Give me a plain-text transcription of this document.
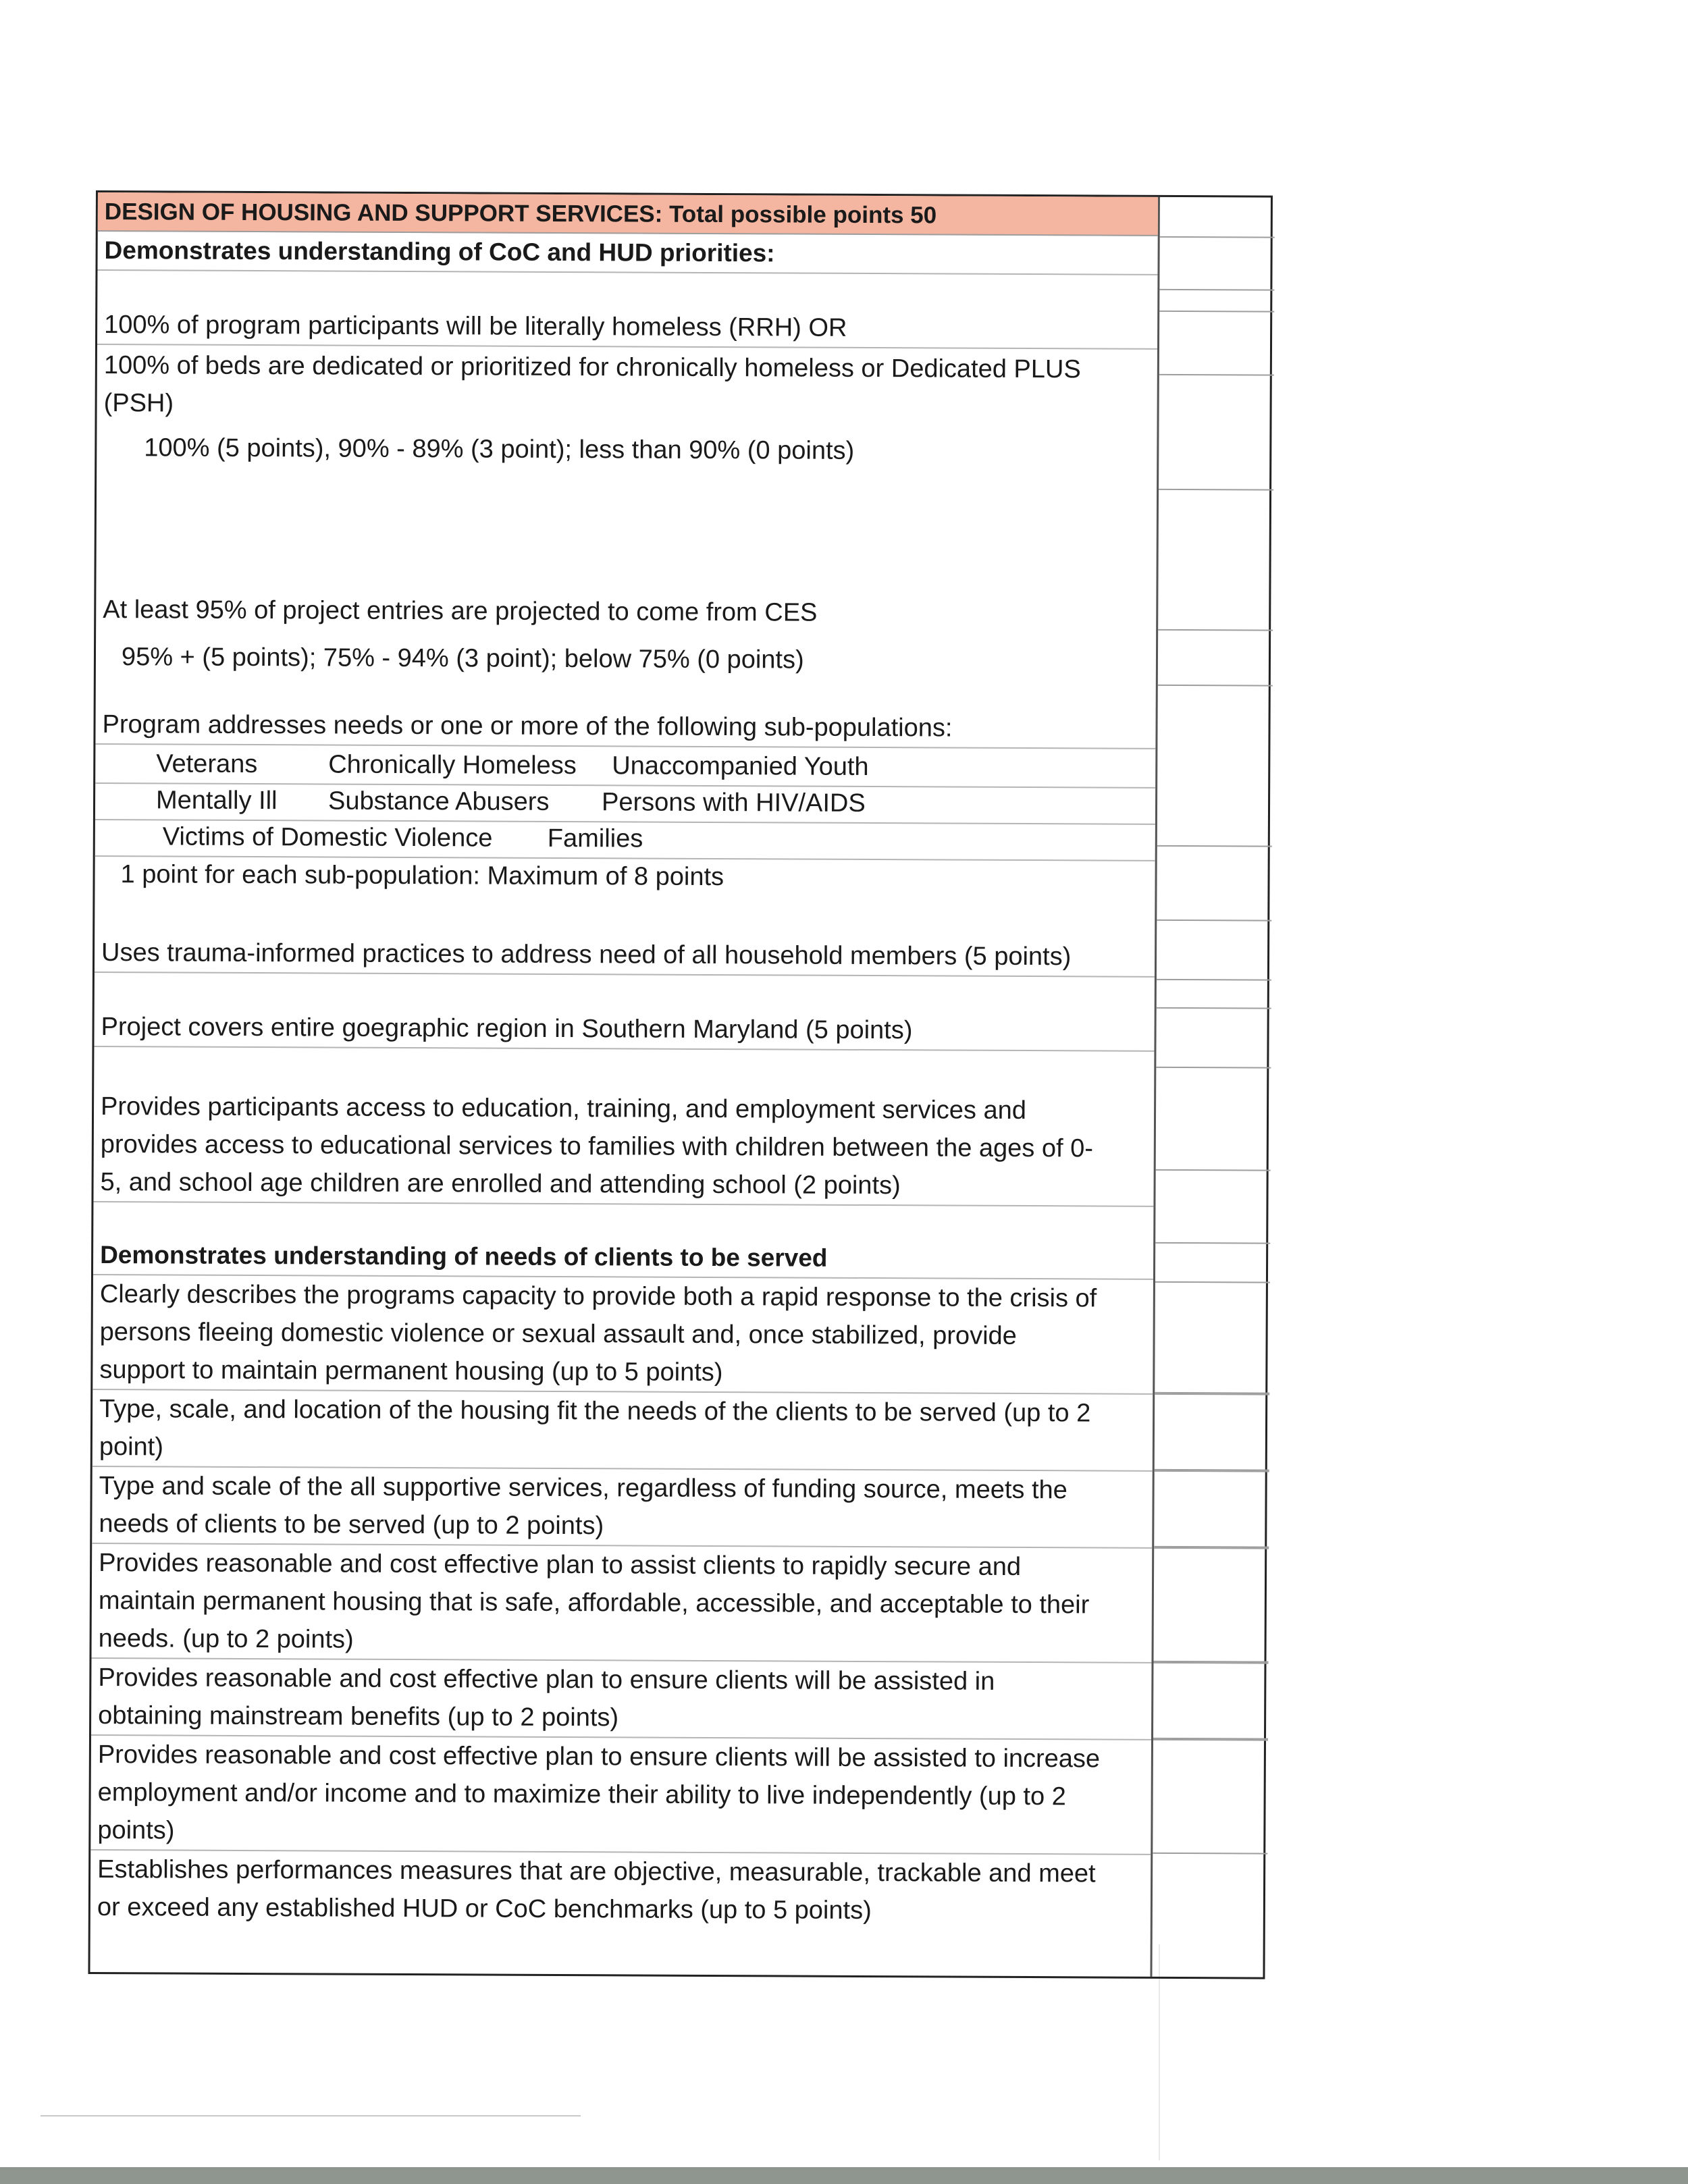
DESIGN OF HOUSING AND SUPPORT SERVICES: Total possible points 50
Demonstrates understanding of CoC and HUD priorities:
100% of program participants will be literally homeless (RRH) OR
100% of beds are dedicated or prioritized for chronically homeless or Dedicated PLUS
(PSH)
100% (5 points), 90% - 89% (3 point); less than 90% (0 points)
At least 95% of project entries are projected to come from CES
95% + (5 points); 75% - 94% (3 point); below 75% (0 points)
Program addresses needs or one or more of the following sub-populations:
Veterans	Chronically Homeless Unaccompanied Youth
Mentally Ill Substance Abusers Persons with HIV/AIDS
Victims of Domestic Violence Families
1 point for each sub-population: Maximum of 8 points
Uses trauma-informed practices to address need of all household members (5 points)
Project covers entire goegraphic region in Southern Maryland (5 points)
Provides participants access to education, training, and employment services and
provides access to educational services to families with children between the ages of 0-
5, and school age children are enrolled and attending school (2 points)
Demonstrates understanding of needs of clients to be served
Clearly describes the programs capacity to provide both a rapid response to the crisis of
persons fleeing domestic violence or sexual assault and, once stabilized, provide
support to maintain permanent housing (up to 5 points)
Type, scale, and location of the housing fit the needs of the clients to be served (up to 2
point)
Type and scale of the all supportive services, regardless of funding source, meets the
needs of clients to be served (up to 2 points)
Provides reasonable and cost effective plan to assist clients to rapidly secure and
maintain permanent housing that is safe, affordable, accessible, and acceptable to their
needs. (up to 2 points)
Provides reasonable and cost effective plan to ensure clients will be assisted in
obtaining mainstream benefits (up to 2 points)
Provides reasonable and cost effective plan to ensure clients will be assisted to increase
employment and/or income and to maximize their ability to live independently (up to 2
points)
Establishes performances measures that are objective, measurable, trackable and meet
or exceed any established HUD or CoC benchmarks (up to 5 points)
